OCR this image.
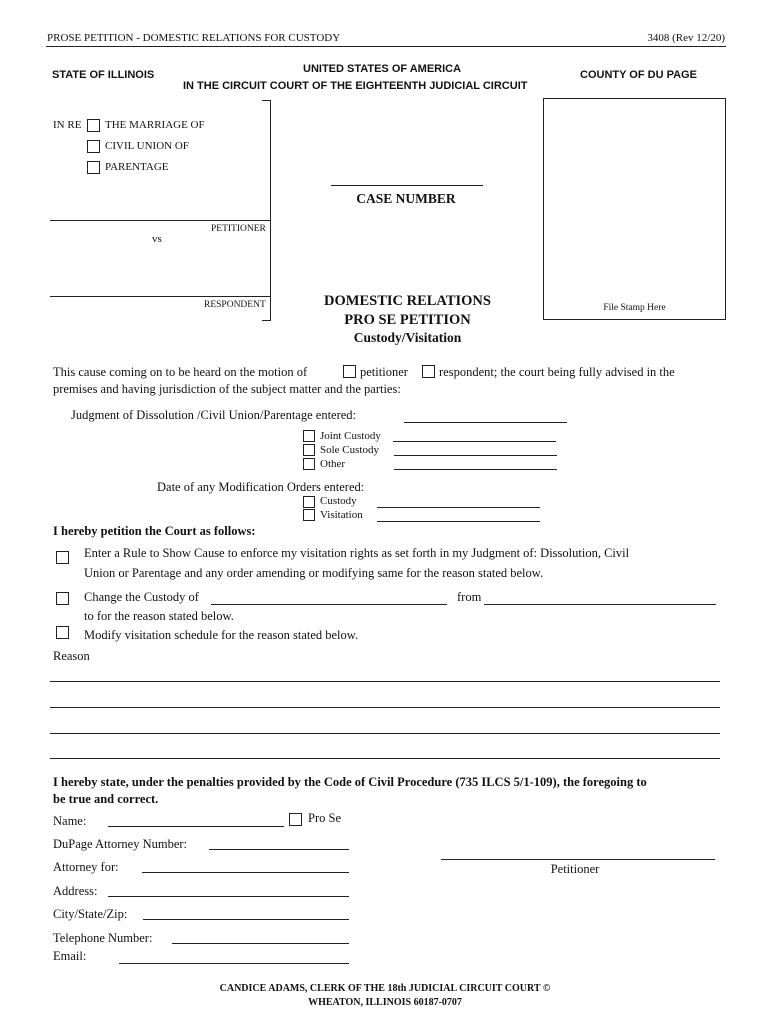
PROSE PETITION - DOMESTIC RELATIONS FOR CUSTODY	3408 (Rev 12/20)
STATE OF ILLINOIS	UNITED STATES OF AMERICA
IN THE CIRCUIT COURT OF THE EIGHTEENTH JUDICIAL CIRCUIT
COUNTY OF DU PAGE
IN RE THE MARRIAGE OF
CIVIL UNION OF
PARENTAGE
PETITIONER
vs
RESPONDENT
CASE NUMBER
DOMESTIC RELATIONS
PRO SE PETITION
Custody/Visitation
File Stamp Here
This cause coming on to be heard on the motion of	petitioner respondent; the court being fully advised in the
premises and having jurisdiction of the subject matter and the parties:
Judgment of Dissolution /Civil Union/Parentage entered:
Joint Custody
Sole Custody
Other
Date of any Modification Orders entered:
Custody
Visitation
I hereby petition the Court as follows:
Enter a Rule to Show Cause to enforce my visitation rights as set forth in my Judgment of: Dissolution, Civil
Union or Parentage and any order amending or modifying same for the reason stated below.
Change the Custody of	from
to for the reason stated below.
Modify visitation schedule for the reason stated below.
Reason
I hereby state, under the penalties provided by the Code of Civil Procedure (735 ILCS 5/1-109), the foregoing to
be true and correct.
Name:	Pro Se
DuPage Attorney Number:
Attorney for:
Address:
City/State/Zip:
Telephone Number:
Email:
Petitioner
CANDICE ADAMS, CLERK OF THE 18th JUDICIAL CIRCUIT COURT ©
WHEATON, ILLINOIS 60187-0707
